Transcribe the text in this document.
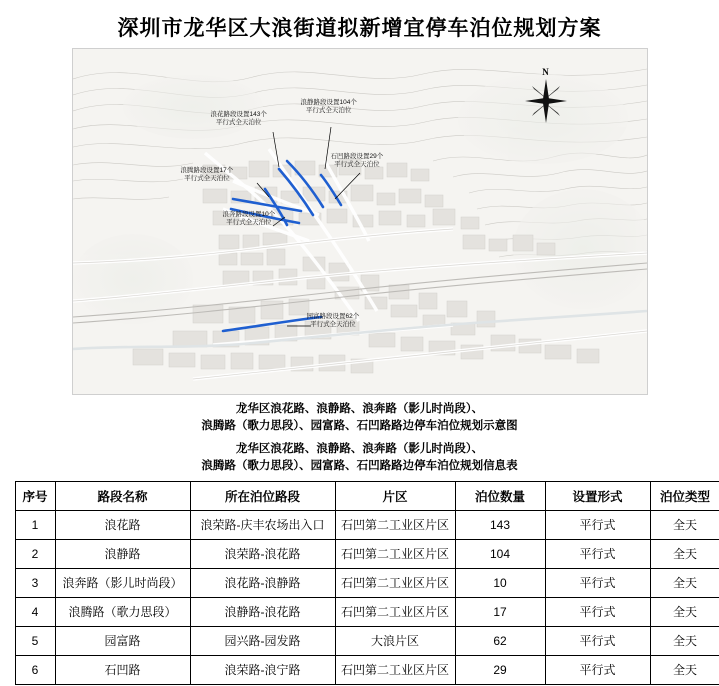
深圳市龙华区大浪街道拟新增宜停车泊位规划方案
浪花路段设置143个
平行式全天泊位
浪静路段设置104个
平行式全天泊位
石凹路段设置29个
平行式全天泊位
浪腾路段设置17个
平行式全天泊位
浪奔路段设置10个
平行式全天泊位
园富路段设置62个
平行式全天泊位
N
龙华区浪花路、浪静路、浪奔路（影儿时尚段）、
浪腾路（歌力思段）、园富路、石凹路路边停车泊位规划示意图
龙华区浪花路、浪静路、浪奔路（影儿时尚段）、
浪腾路（歌力思段）、园富路、石凹路路边停车泊位规划信息表
序号	路段名称	所在泊位路段	片区	泊位数量	设置形式	泊位类型
1	浪花路	浪荣路-庆丰农场出入口	石凹第二工业区片区	143	平行式	全天
2	浪静路	浪荣路-浪花路	石凹第二工业区片区	104	平行式	全天
3	浪奔路（影儿时尚段）	浪花路-浪静路	石凹第二工业区片区	10	平行式	全天
4	浪腾路（歌力思段）	浪静路-浪花路	石凹第二工业区片区	17	平行式	全天
5	园富路	园兴路-园发路	大浪片区	62	平行式	全天
6	石凹路	浪荣路-浪宁路	石凹第二工业区片区	29	平行式	全天
